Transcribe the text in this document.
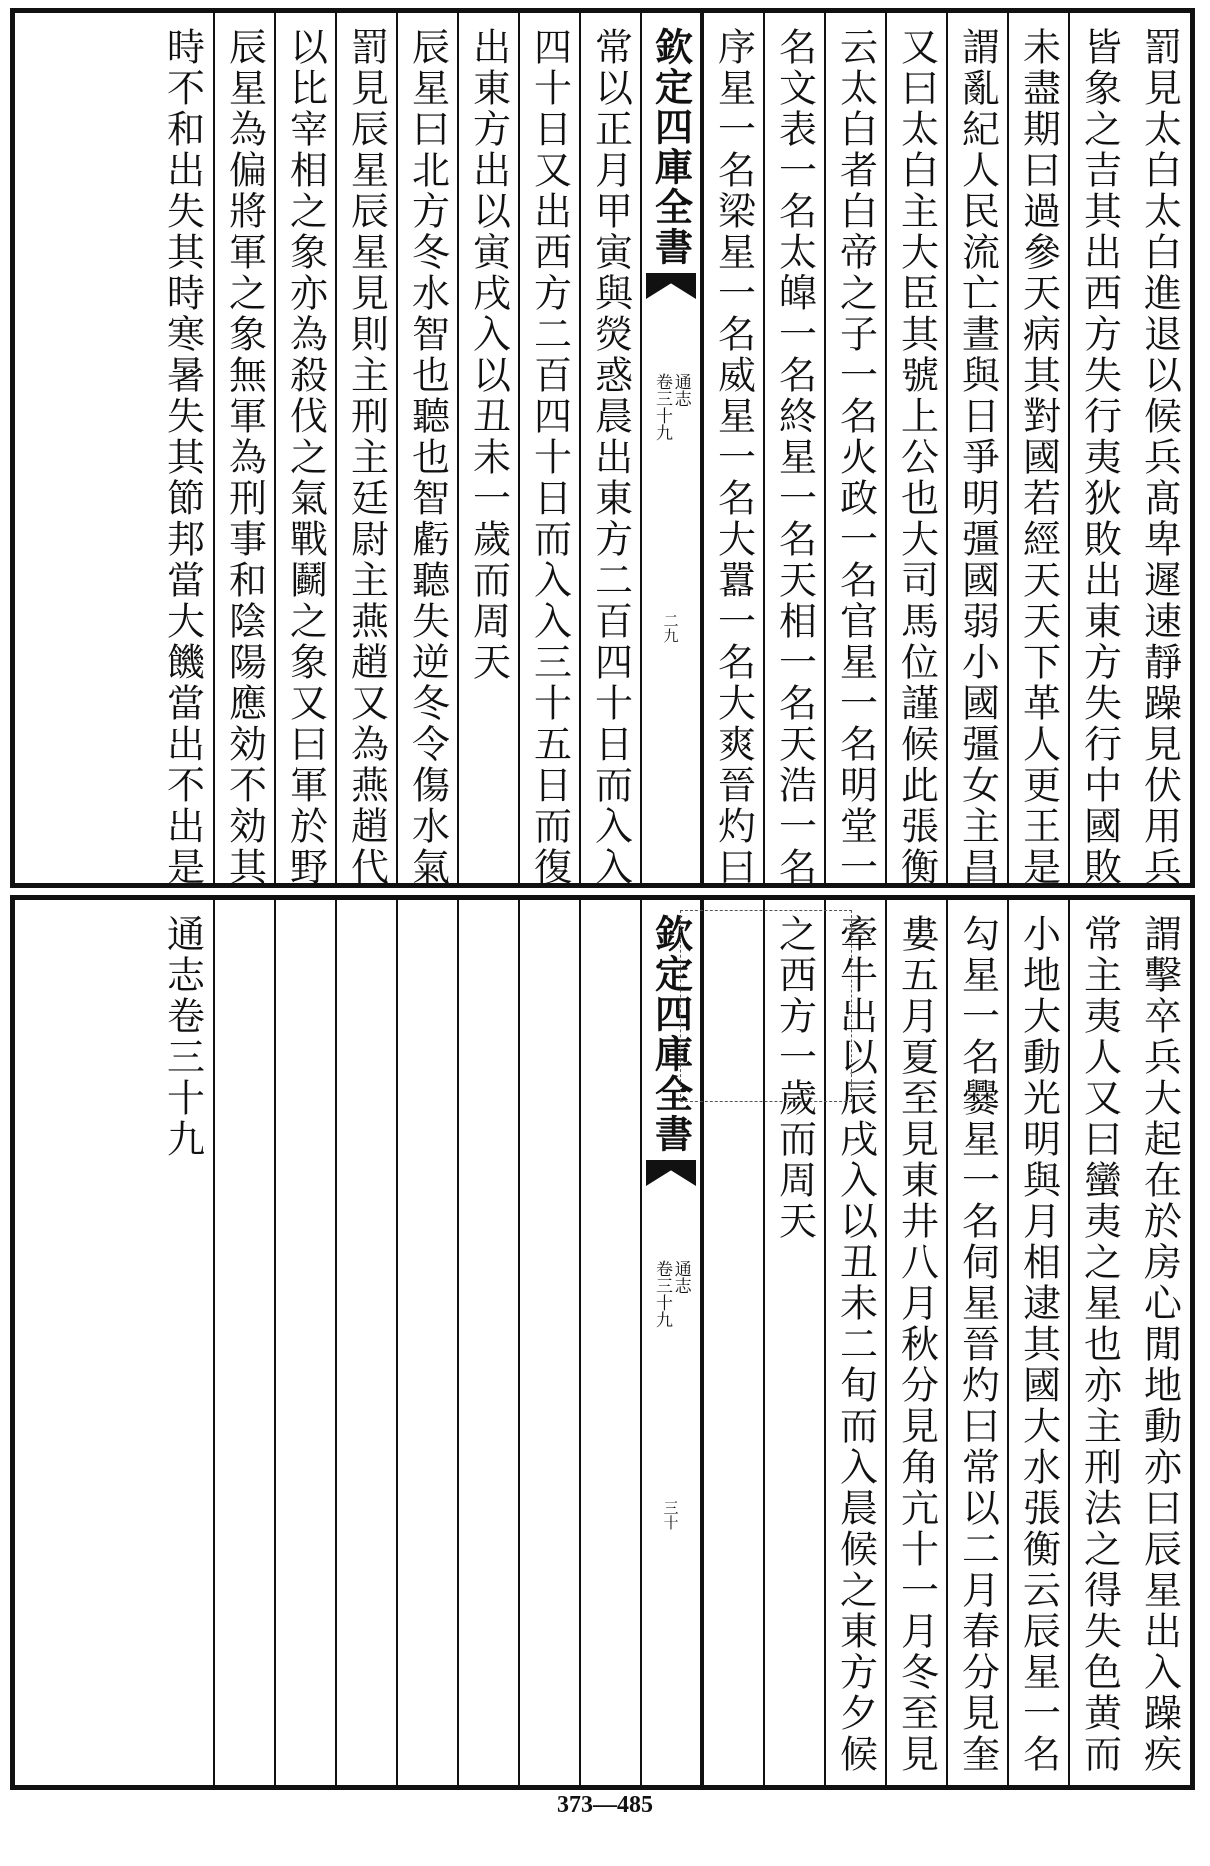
罰見太白太白進退以候兵髙卑遲速靜躁見伏用兵
皆象之吉其出西方失行夷狄敗出東方失行中國敗
未盡期曰過參天病其對國若經天天下革人更王是
謂亂紀人民流亡晝與日爭明彊國弱小國彊女主昌
又曰太白主大臣其號上公也大司馬位謹候此張衡
云太白者白帝之子一名火政一名官星一名明堂一
名文表一名太皥一名終星一名天相一名天浩一名
序星一名梁星一名威星一名大囂一名大爽晉灼曰
欽定四庫全書
通志
卷三十九
二九
常以正月甲寅與熒惑晨出東方二百四十日而入入
四十日又出西方二百四十日而入入三十五日而復
出東方出以寅戌入以丑未一歲而周天
辰星曰北方冬水智也聽也智虧聽失逆冬令傷水氣
罰見辰星辰星見則主刑主廷尉主燕趙又為燕趙代
以比宰相之象亦為殺伐之氣戰鬬之象又曰軍於野
辰星為偏將軍之象無軍為刑事和陰陽應効不効其
時不和出失其時寒暑失其節邦當大饑當出不出是
謂擊卒兵大起在於房心閒地動亦曰辰星出入躁疾
常主夷人又曰蠻夷之星也亦主刑法之得失色黄而
小地大動光明與月相逮其國大水張衡云辰星一名
勾星一名爨星一名伺星晉灼曰常以二月春分見奎
婁五月夏至見東井八月秋分見角亢十一月冬至見
牽牛出以辰戌入以丑未二旬而入晨候之東方夕候
之西方一歲而周天
欽定四庫全書
通志
卷三十九
三十
通志卷三十九
373—485
